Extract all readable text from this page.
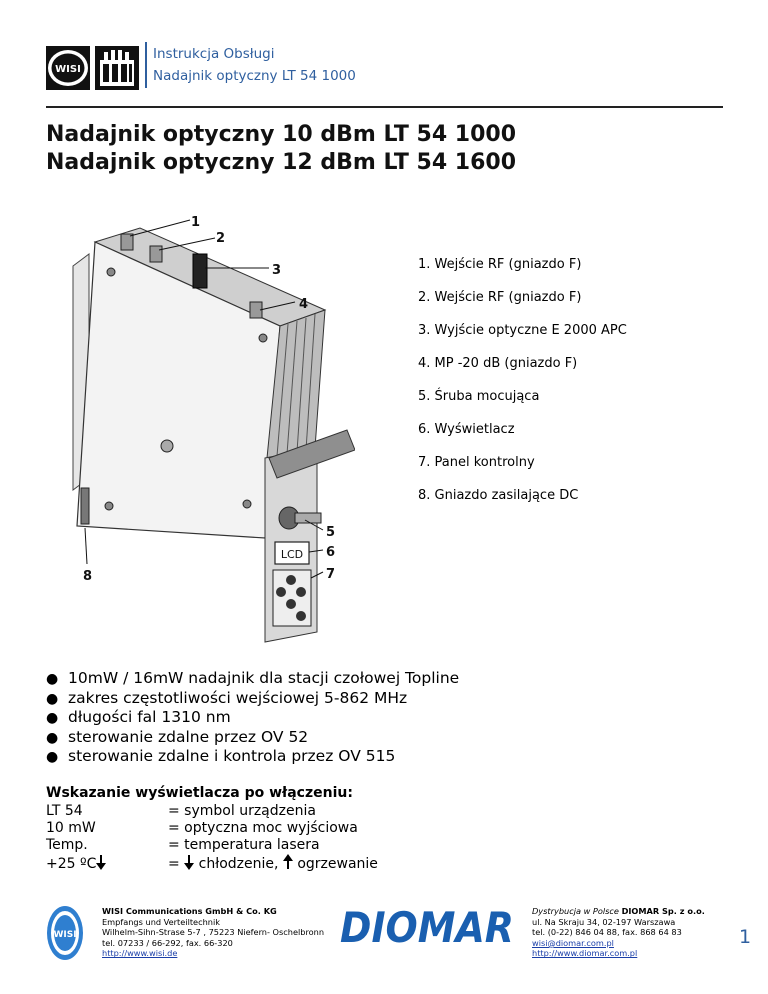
WISI
Instrukcja Obsługi
Nadajnik optyczny LT 54 1000
Nadajnik optyczny 10 dBm LT 54 1000
Nadajnik optyczny 12 dBm LT 54 1600
LCD
1
2
3
4
5
6
7
8
1. Wejście RF (gniazdo F)
2. Wejście RF (gniazdo F)
3. Wyjście optyczne E 2000 APC
4. MP -20 dB (gniazdo F)
5. Śruba mocująca
6. Wyświetlacz
7. Panel kontrolny
8. Gniazdo zasilające DC
● 10mW / 16mW nadajnik dla stacji czołowej Topline
● zakres częstotliwości wejściowej 5-862 MHz
● długości fal 1310 nm
● sterowanie zdalne przez OV 52
● sterowanie zdalne i kontrola przez OV 515
Wskazanie wyświetlacza po włączeniu:
LT 54	= symbol urządzenia
10 mW	= optyczna moc wyjściowa
Temp.	= temperatura lasera
+25 ºC	= chłodzenie, ogrzewanie
WISI
WISI Communications GmbH & Co. KG
Empfangs und Verteiltechnik
Wilhelm-Sihn-Strase 5-7 , 75223 Niefern- Oschelbronn
tel. 07233 / 66-292, fax. 66-320
http://www.wisi.de
DIOMAR Dystrybucja w Polsce DIOMAR Sp. z o.o.
ul. Na Skraju 34, 02-197 Warszawa
tel. (0-22) 846 04 88, fax. 868 64 83
wisi@diomar.com.pl
http://www.diomar.com.pl
1
